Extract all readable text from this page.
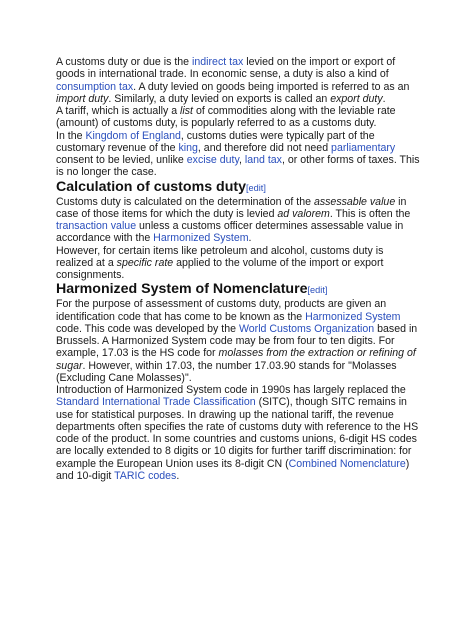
A customs duty or due is the indirect tax levied on the import or export of goods in international trade. In economic sense, a duty is also a kind of consumption tax. A duty levied on goods being imported is referred to as an import duty. Similarly, a duty levied on exports is called an export duty.

A tariff, which is actually a list of commodities along with the leviable rate (amount) of customs duty, is popularly referred to as a customs duty.

In the Kingdom of England, customs duties were typically part of the customary revenue of the king, and therefore did not need parliamentary consent to be levied, unlike excise duty, land tax, or other forms of taxes. This is no longer the case.

Calculation of customs duty[edit]

Customs duty is calculated on the determination of the assessable value in case of those items for which the duty is levied ad valorem. This is often the transaction value unless a customs officer determines assessable value in accordance with the Harmonized System.

However, for certain items like petroleum and alcohol, customs duty is realized at a specific rate applied to the volume of the import or export consignments.

Harmonized System of Nomenclature[edit]

For the purpose of assessment of customs duty, products are given an identification code that has come to be known as the Harmonized System code. This code was developed by the World Customs Organization based in Brussels. A Harmonized System code may be from four to ten digits. For example, 17.03 is the HS code for molasses from the extraction or refining of sugar. However, within 17.03, the number 17.03.90 stands for "Molasses (Excluding Cane Molasses)".

Introduction of Harmonized System code in 1990s has largely replaced the Standard International Trade Classification (SITC), though SITC remains in use for statistical purposes. In drawing up the national tariff, the revenue departments often specifies the rate of customs duty with reference to the HS code of the product. In some countries and customs unions, 6-digit HS codes are locally extended to 8 digits or 10 digits for further tariff discrimination: for example the European Union uses its 8-digit CN (Combined Nomenclature) and 10-digit TARIC codes.
